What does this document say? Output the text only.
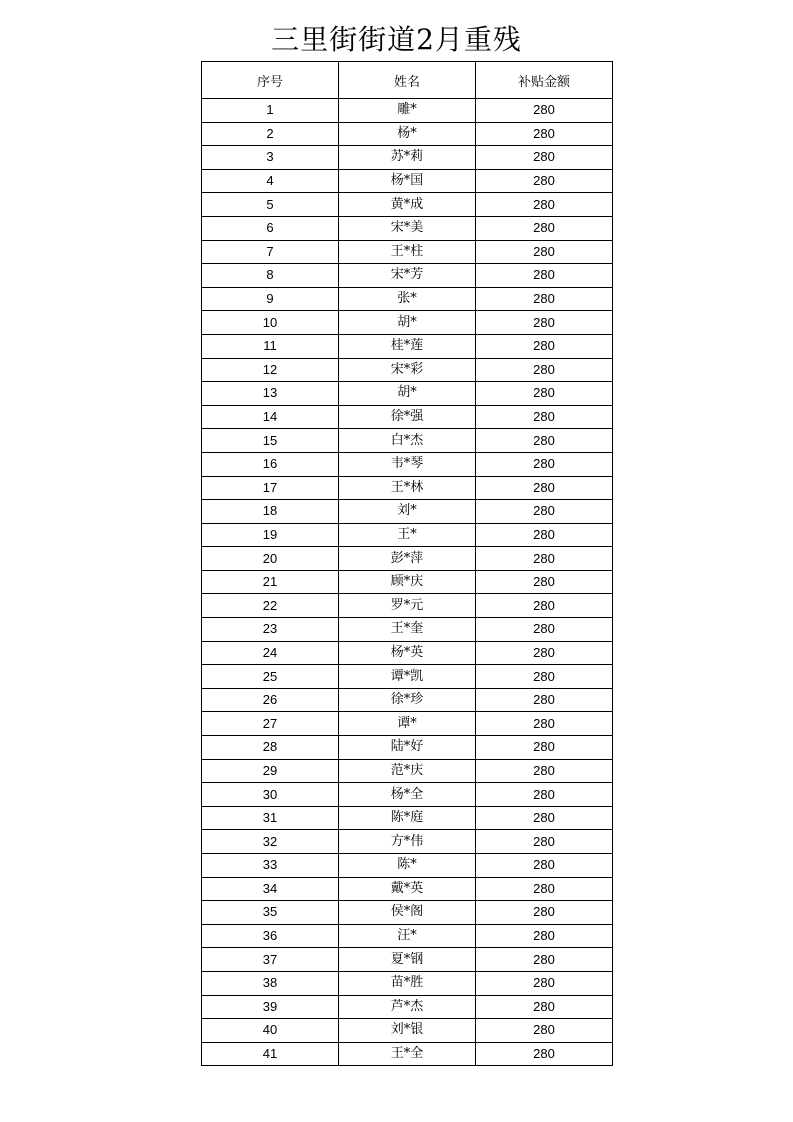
三里街街道2月重残
序号	姓名	补贴金额
1	雕*	280
2	杨*	280
3	苏*莉	280
4	杨*国	280
5	黄*成	280
6	宋*美	280
7	王*柱	280
8	宋*芳	280
9	张*	280
10	胡*	280
11	桂*莲	280
12	宋*彩	280
13	胡*	280
14	徐*强	280
15	白*杰	280
16	韦*琴	280
17	王*林	280
18	刘*	280
19	王*	280
20	彭*萍	280
21	顾*庆	280
22	罗*元	280
23	王*奎	280
24	杨*英	280
25	谭*凯	280
26	徐*珍	280
27	谭*	280
28	陆*好	280
29	范*庆	280
30	杨*全	280
31	陈*庭	280
32	方*伟	280
33	陈*	280
34	戴*英	280
35	侯*阁	280
36	汪*	280
37	夏*钢	280
38	苗*胜	280
39	芦*杰	280
40	刘*银	280
41	王*全	280
